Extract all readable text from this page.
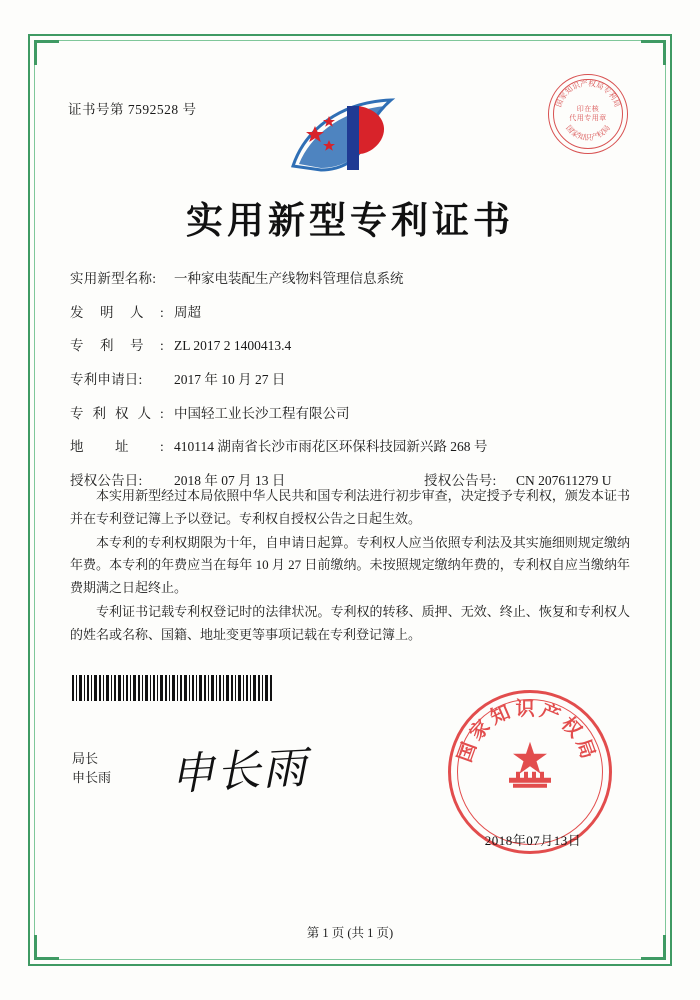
证书号第 7592528 号	国家知识产权局专利局
国家知识产权局
印在核
代用专用章
实用新型专利证书
实用新型名称:	一种家电装配生产线物料管理信息系统
发 明 人 : 周超
专 利 号 : ZL 2017 2 1400413.4
专利申请日:	2017 年 10 月 27 日
专 利 权 人 : 中国轻工业长沙工程有限公司
地 址 : 410114 湖南省长沙市雨花区环保科技园新兴路 268 号
授权公告日:	2018 年 07 月 13 日	授权公告号:	CN 207611279 U

本实用新型经过本局依照中华人民共和国专利法进行初步审查，决定授予专利权，颁发本证书并在专利登记簿上予以登记。专利权自授权公告之日起生效。

本专利的专利权期限为十年，自申请日起算。专利权人应当依照专利法及其实施细则规定缴纳年费。本专利的年费应当在每年 10 月 27 日前缴纳。未按照规定缴纳年费的，专利权自应当缴纳年费期满之日起终止。

专利证书记载专利权登记时的法律状况。专利权的转移、质押、无效、终止、恢复和专利权人的姓名或名称、国籍、地址变更等事项记载在专利登记簿上。

局长
申长雨 申长雨	国家知识产权局
2018年07月13日
第 1 页 (共 1 页)
